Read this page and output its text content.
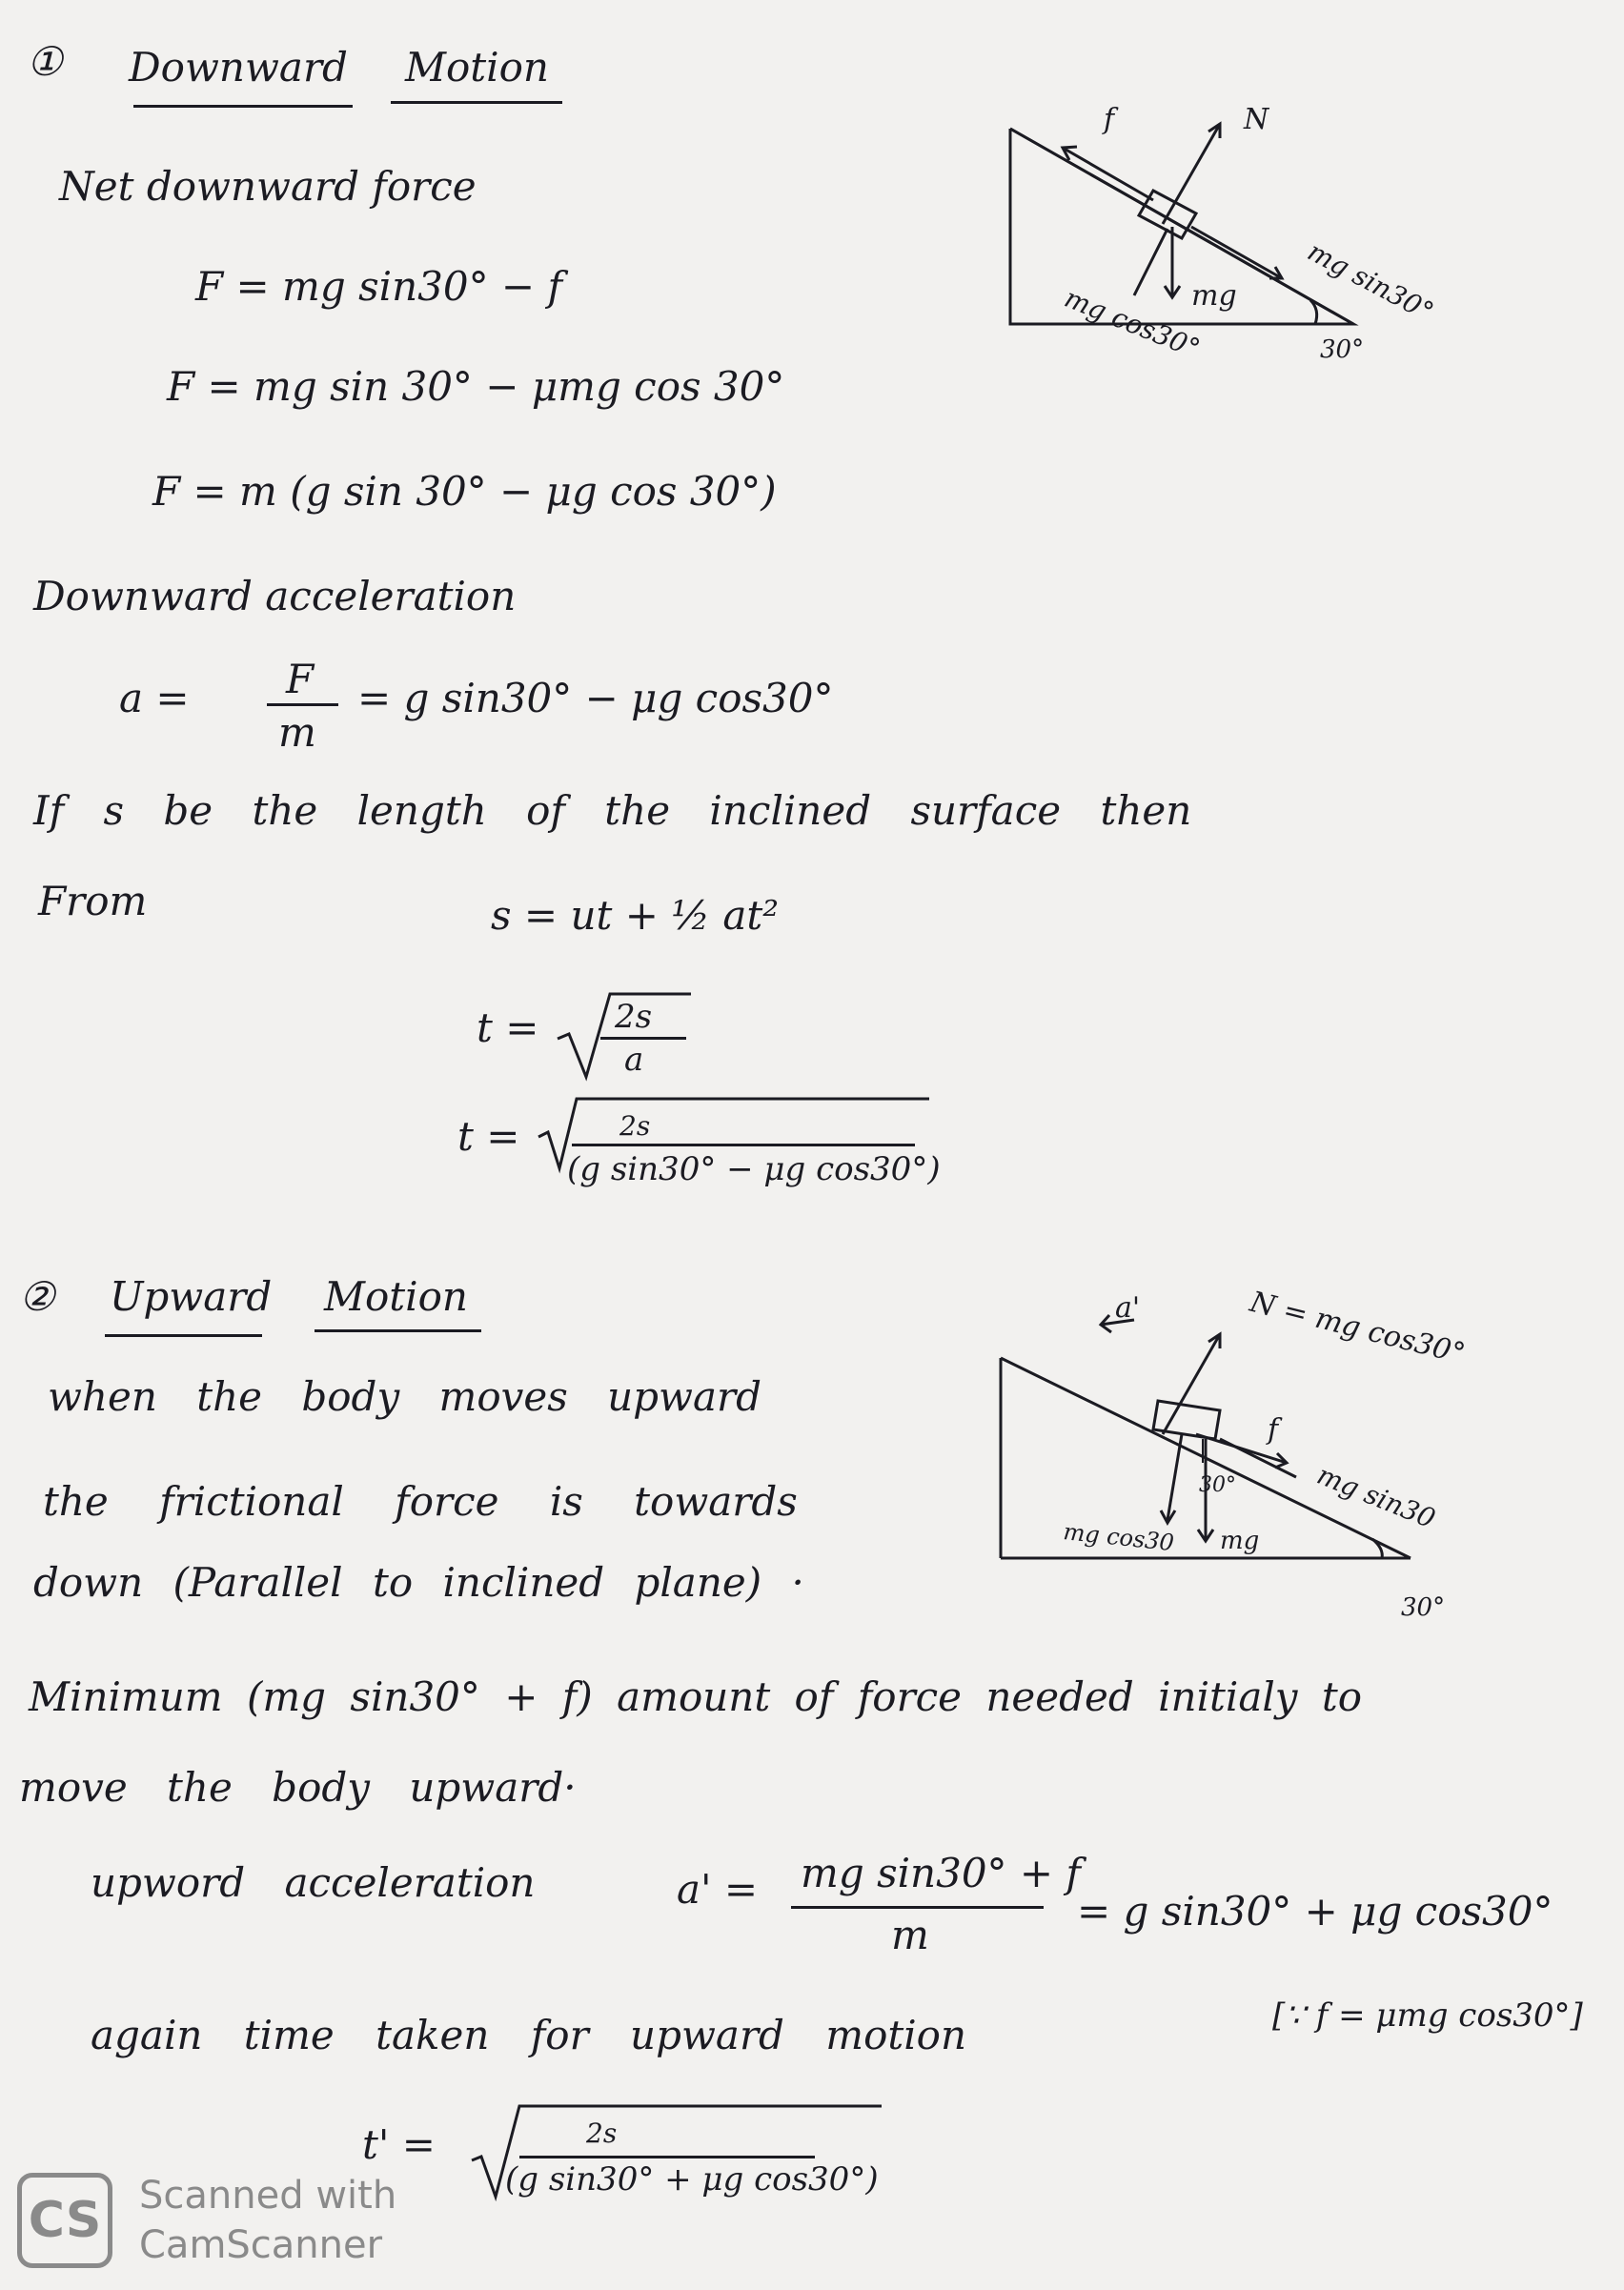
① Downward Motion
Net downward force
F = mg sin30° − f
F = mg sin 30° − μmg cos 30°
F = m (g sin 30° − μg cos 30°)
Downward acceleration
a = F
m
= g sin30° − μg cos30°
If s be the length of the inclined surface then
From	s = ut + ½ at²
t = 2s
a
t =	2s
(g sin30° − μg cos30°)
f	N
mg mg sin30°
mg cos30°	30°
② Upward Motion
when the body moves upward
the frictional force is towards
down (Parallel to inclined plane) ·
Minimum (mg sin30° + f) amount of force needed initialy to
move the body upward·
upword acceleration	a' = mg sin30° + f
m
= g sin30° + μg cos30°
again time taken for upward motion	[∵ f = μmg cos30°]
t' =	2s
(g sin30° + μg cos30°)
a'	N = mg cos30°
f
30°	mg sin30
mg cos30 mg
30°
CS Scanned with
CamScanner
